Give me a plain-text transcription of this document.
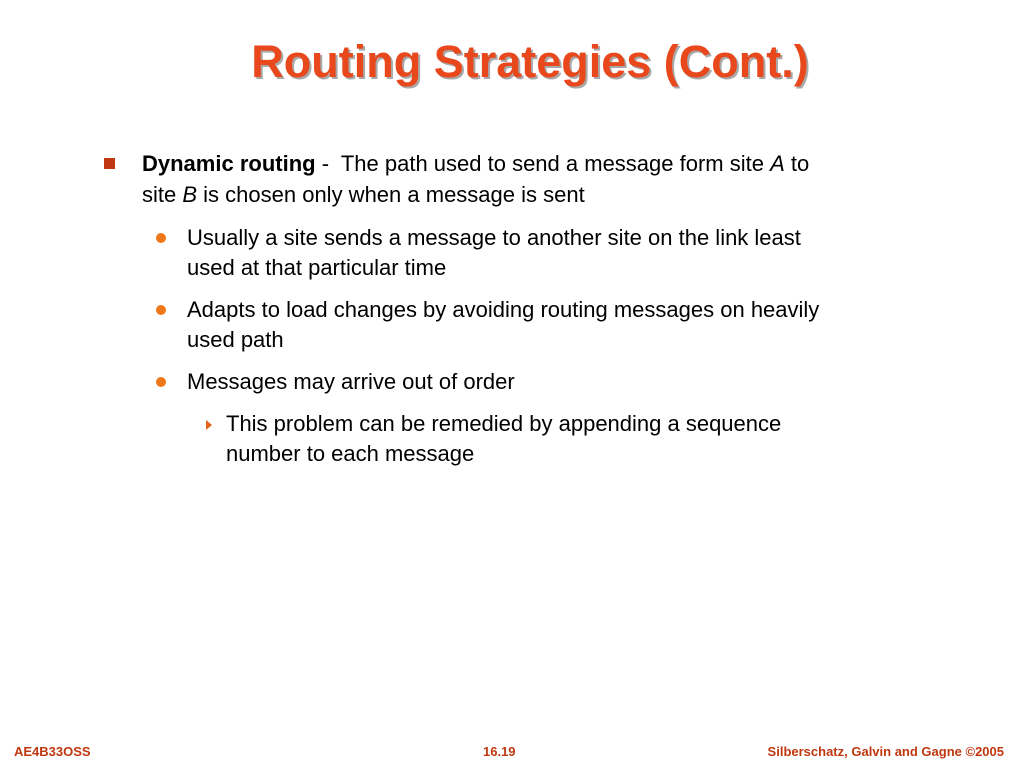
Routing Strategies (Cont.)
Dynamic routing -  The path used to send a message form site A to
site B is chosen only when a message is sent
Usually a site sends a message to another site on the link least
used at that particular time
Adapts to load changes by avoiding routing messages on heavily
used path
Messages may arrive out of order
This problem can be remedied by appending a sequence
number to each message
AE4B33OSS	16.19	Silberschatz, Galvin and Gagne ©2005
